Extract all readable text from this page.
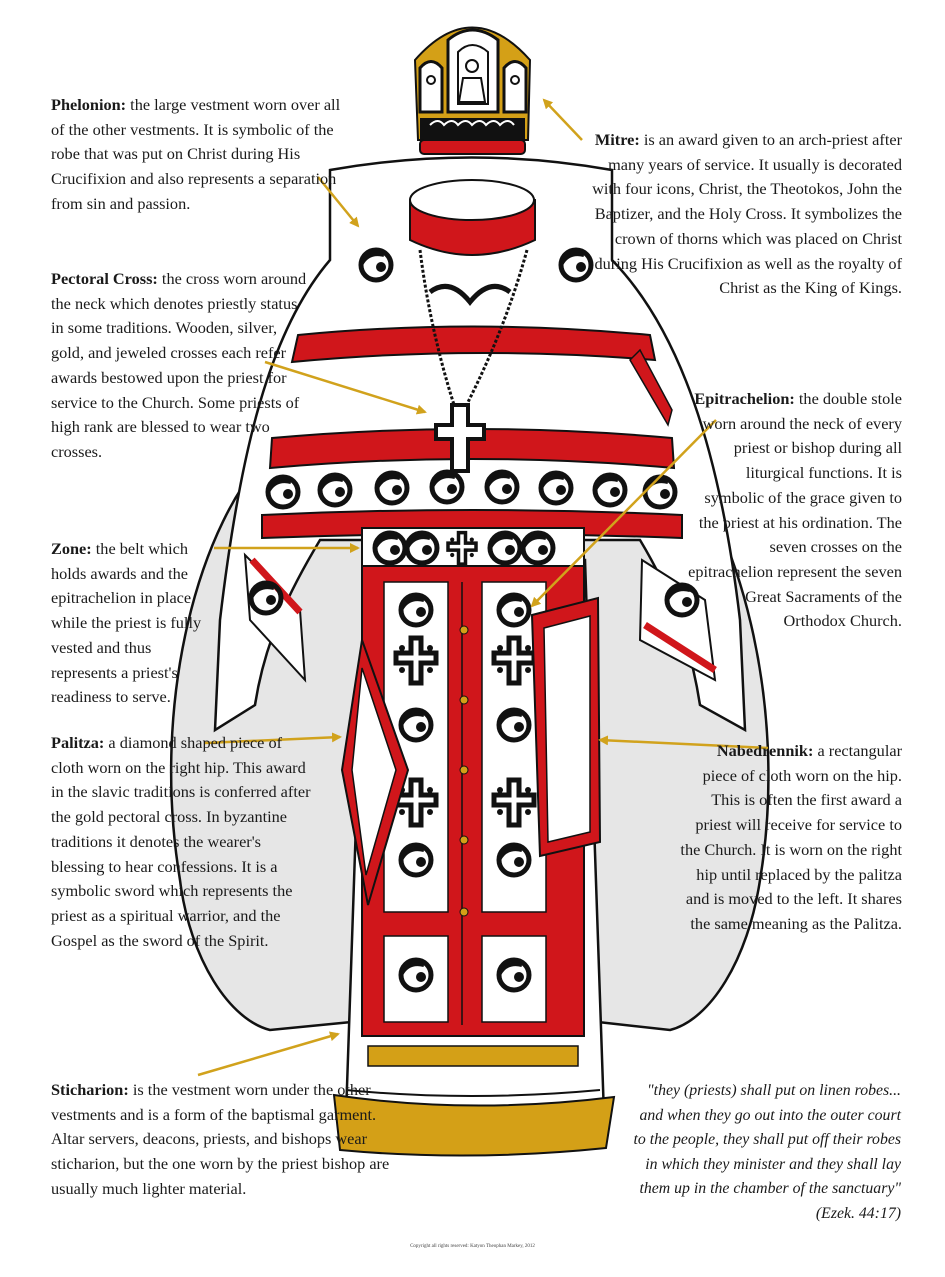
Phelonion: the large vestment worn over all of the other vestments. It is symbolic of the robe that was put on Christ during His Crucifixion and also represents a separation from sin and passion.

Pectoral Cross: the cross worn around the neck which denotes priestly status in some traditions. Wooden, silver, gold, and jeweled crosses each refer awards bestowed upon the priest for service to the Church. Some priests of high rank are blessed to wear two crosses.

Zone: the belt which holds awards and the epitrachelion in place while the priest is fully vested and thus represents a priest's readiness to serve.

Palitza: a diamond shaped piece of cloth worn on the right hip. This award in the slavic traditions is conferred after the gold pectoral cross. In byzantine traditions it denotes the wearer's blessing to hear confessions. It is a symbolic sword which represents the priest as a spiritual warrior, and the Gospel as the sword of the Spirit.

Sticharion: is the vestment worn under the other vestments and is a form of the baptismal garment. Altar servers, deacons, priests, and bishops wear sticharion, but the one worn by the priest bishop are usually much lighter material.

Mitre: is an award given to an arch-priest after many years of service. It usually is decorated with four icons, Christ, the Theotokos, John the Baptizer, and the Holy Cross. It symbolizes the crown of thorns which was placed on Christ during His Crucifixion as well as the royalty of Christ as the King of Kings.

Epitrachelion: the double stole worn around the neck of every priest or bishop during all liturgical functions. It is symbolic of the grace given to the priest at his ordination. The seven crosses on the epitrachelion represent the seven Great Sacraments of the Orthodox Church.

Nabedrennik: a rectangular piece of cloth worn on the hip. This is often the first award a priest will receive for service to the Church. It is worn on the right hip until replaced by the palitza and is moved to the left. It shares the same meaning as the Palitza.

"they (priests) shall put on linen robes...
and when they go out into the outer court
to the people, they shall put off their robes
in which they minister and they shall lay
them up in the chamber of the sanctuary"
(Ezek. 44:17)
Copyright all rights reserved: Katyon Theophan Markey, 2012
